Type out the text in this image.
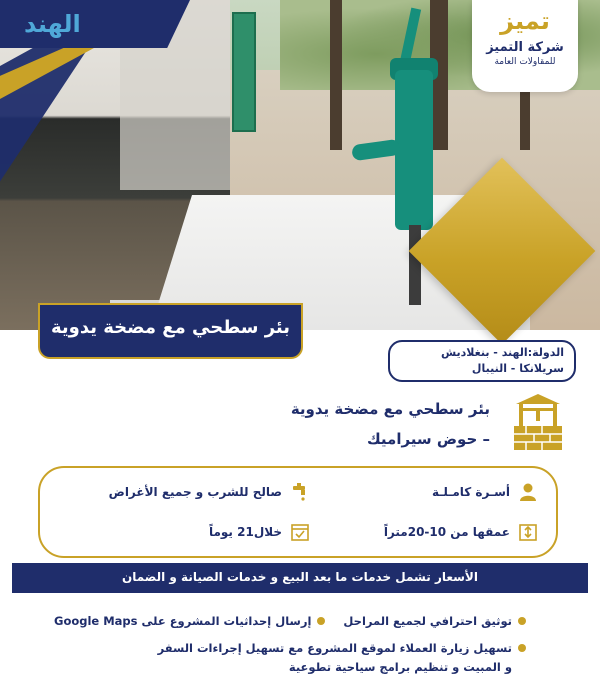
الهند	تميز
شركة التميز
للمقاولات العامة
بئر سطحي مع مضخة يدوية
الدولة:الهند - بنغلاديش
سريلانكا - النيبال
بئر سطحي مع مضخة يدوية
– حوض سيراميك
أسـرة كامـلـة
صالح للشرب و جميع الأغراض
عمقها من 10-20متراً
خلال21 يوماً
الأسعار تشمل خدمات ما بعد البيع و خدمات الصيانة و الضمان
توثيق احترافي لجميع المراحل
إرسال إحداثيات المشروع على Google Maps
تسهيل زيارة العملاء لموقع المشروع مع تسهيل إجراءات السفر
و المبيت و تنظيم برامج سياحية تطوعية
